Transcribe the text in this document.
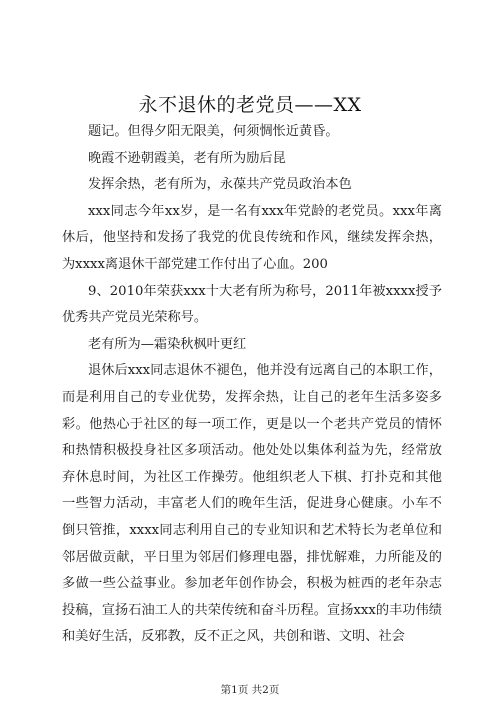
永不退休的老党员——XX

题记。但得夕阳无限美，何须惆怅近黄昏。

晚霞不逊朝霞美，老有所为励后昆

发挥余热，老有所为，永葆共产党员政治本色

xxx同志今年xx岁，是一名有xxx年党龄的老党员。xxx年离休后，他坚持和发扬了我党的优良传统和作风，继续发挥余热，为xxxx离退休干部党建工作付出了心血。200

9、2010年荣获xxx十大老有所为称号，2011年被xxxx授予优秀共产党员光荣称号。

老有所为—霜染秋枫叶更红

退休后xxx同志退休不褪色，他并没有远离自己的本职工作，而是利用自己的专业优势，发挥余热，让自己的老年生活多姿多彩。他热心于社区的每一项工作，更是以一个老共产党员的情怀和热情积极投身社区多项活动。他处处以集体利益为先，经常放弃休息时间，为社区工作操劳。他组织老人下棋、打扑克和其他一些智力活动，丰富老人们的晚年生活，促进身心健康。小车不倒只管推，xxxx同志利用自己的专业知识和艺术特长为老单位和邻居做贡献，平日里为邻居们修理电器，排忧解难，力所能及的多做一些公益事业。参加老年创作协会，积极为桩西的老年杂志投稿，宣扬石油工人的共荣传统和奋斗历程。宣扬xxx的丰功伟绩和美好生活，反邪教，反不正之风，共创和谐、文明、社会

第1页 共2页
